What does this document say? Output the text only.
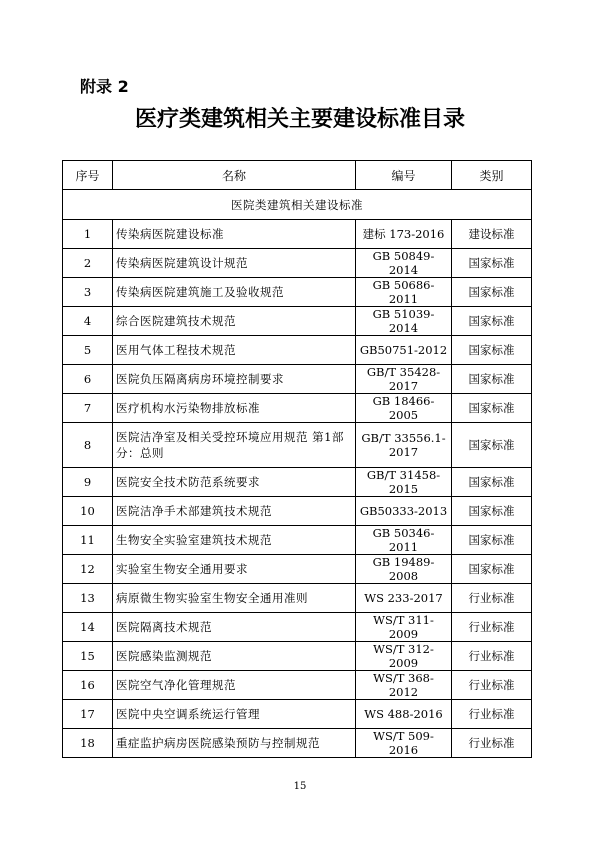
附录 2
医疗类建筑相关主要建设标准目录
序号	名称	编号	类别
医院类建筑相关建设标准			
1	传染病医院建设标准	建标 173-2016	建设标准
2	传染病医院建筑设计规范	GB 50849-2014	国家标准
3	传染病医院建筑施工及验收规范	GB 50686-2011	国家标准
4	综合医院建筑技术规范	GB 51039-2014	国家标准
5	医用气体工程技术规范	GB50751-2012	国家标准
6	医院负压隔离病房环境控制要求	GB/T 35428-2017	国家标准
7	医疗机构水污染物排放标准	GB 18466-2005	国家标准
8	医院洁净室及相关受控环境应用规范 第1部分：总则	GB/T 33556.1-2017	国家标准
9	医院安全技术防范系统要求	GB/T 31458-2015	国家标准
10	医院洁净手术部建筑技术规范	GB50333-2013	国家标准
11	生物安全实验室建筑技术规范	GB 50346-2011	国家标准
12	实验室生物安全通用要求	GB 19489-2008	国家标准
13	病原微生物实验室生物安全通用准则	WS 233-2017	行业标准
14	医院隔离技术规范	WS/T 311-2009	行业标准
15	医院感染监测规范	WS/T 312-2009	行业标准
16	医院空气净化管理规范	WS/T 368-2012	行业标准
17	医院中央空调系统运行管理	WS 488-2016	行业标准
18	重症监护病房医院感染预防与控制规范	WS/T 509-2016	行业标准
15
